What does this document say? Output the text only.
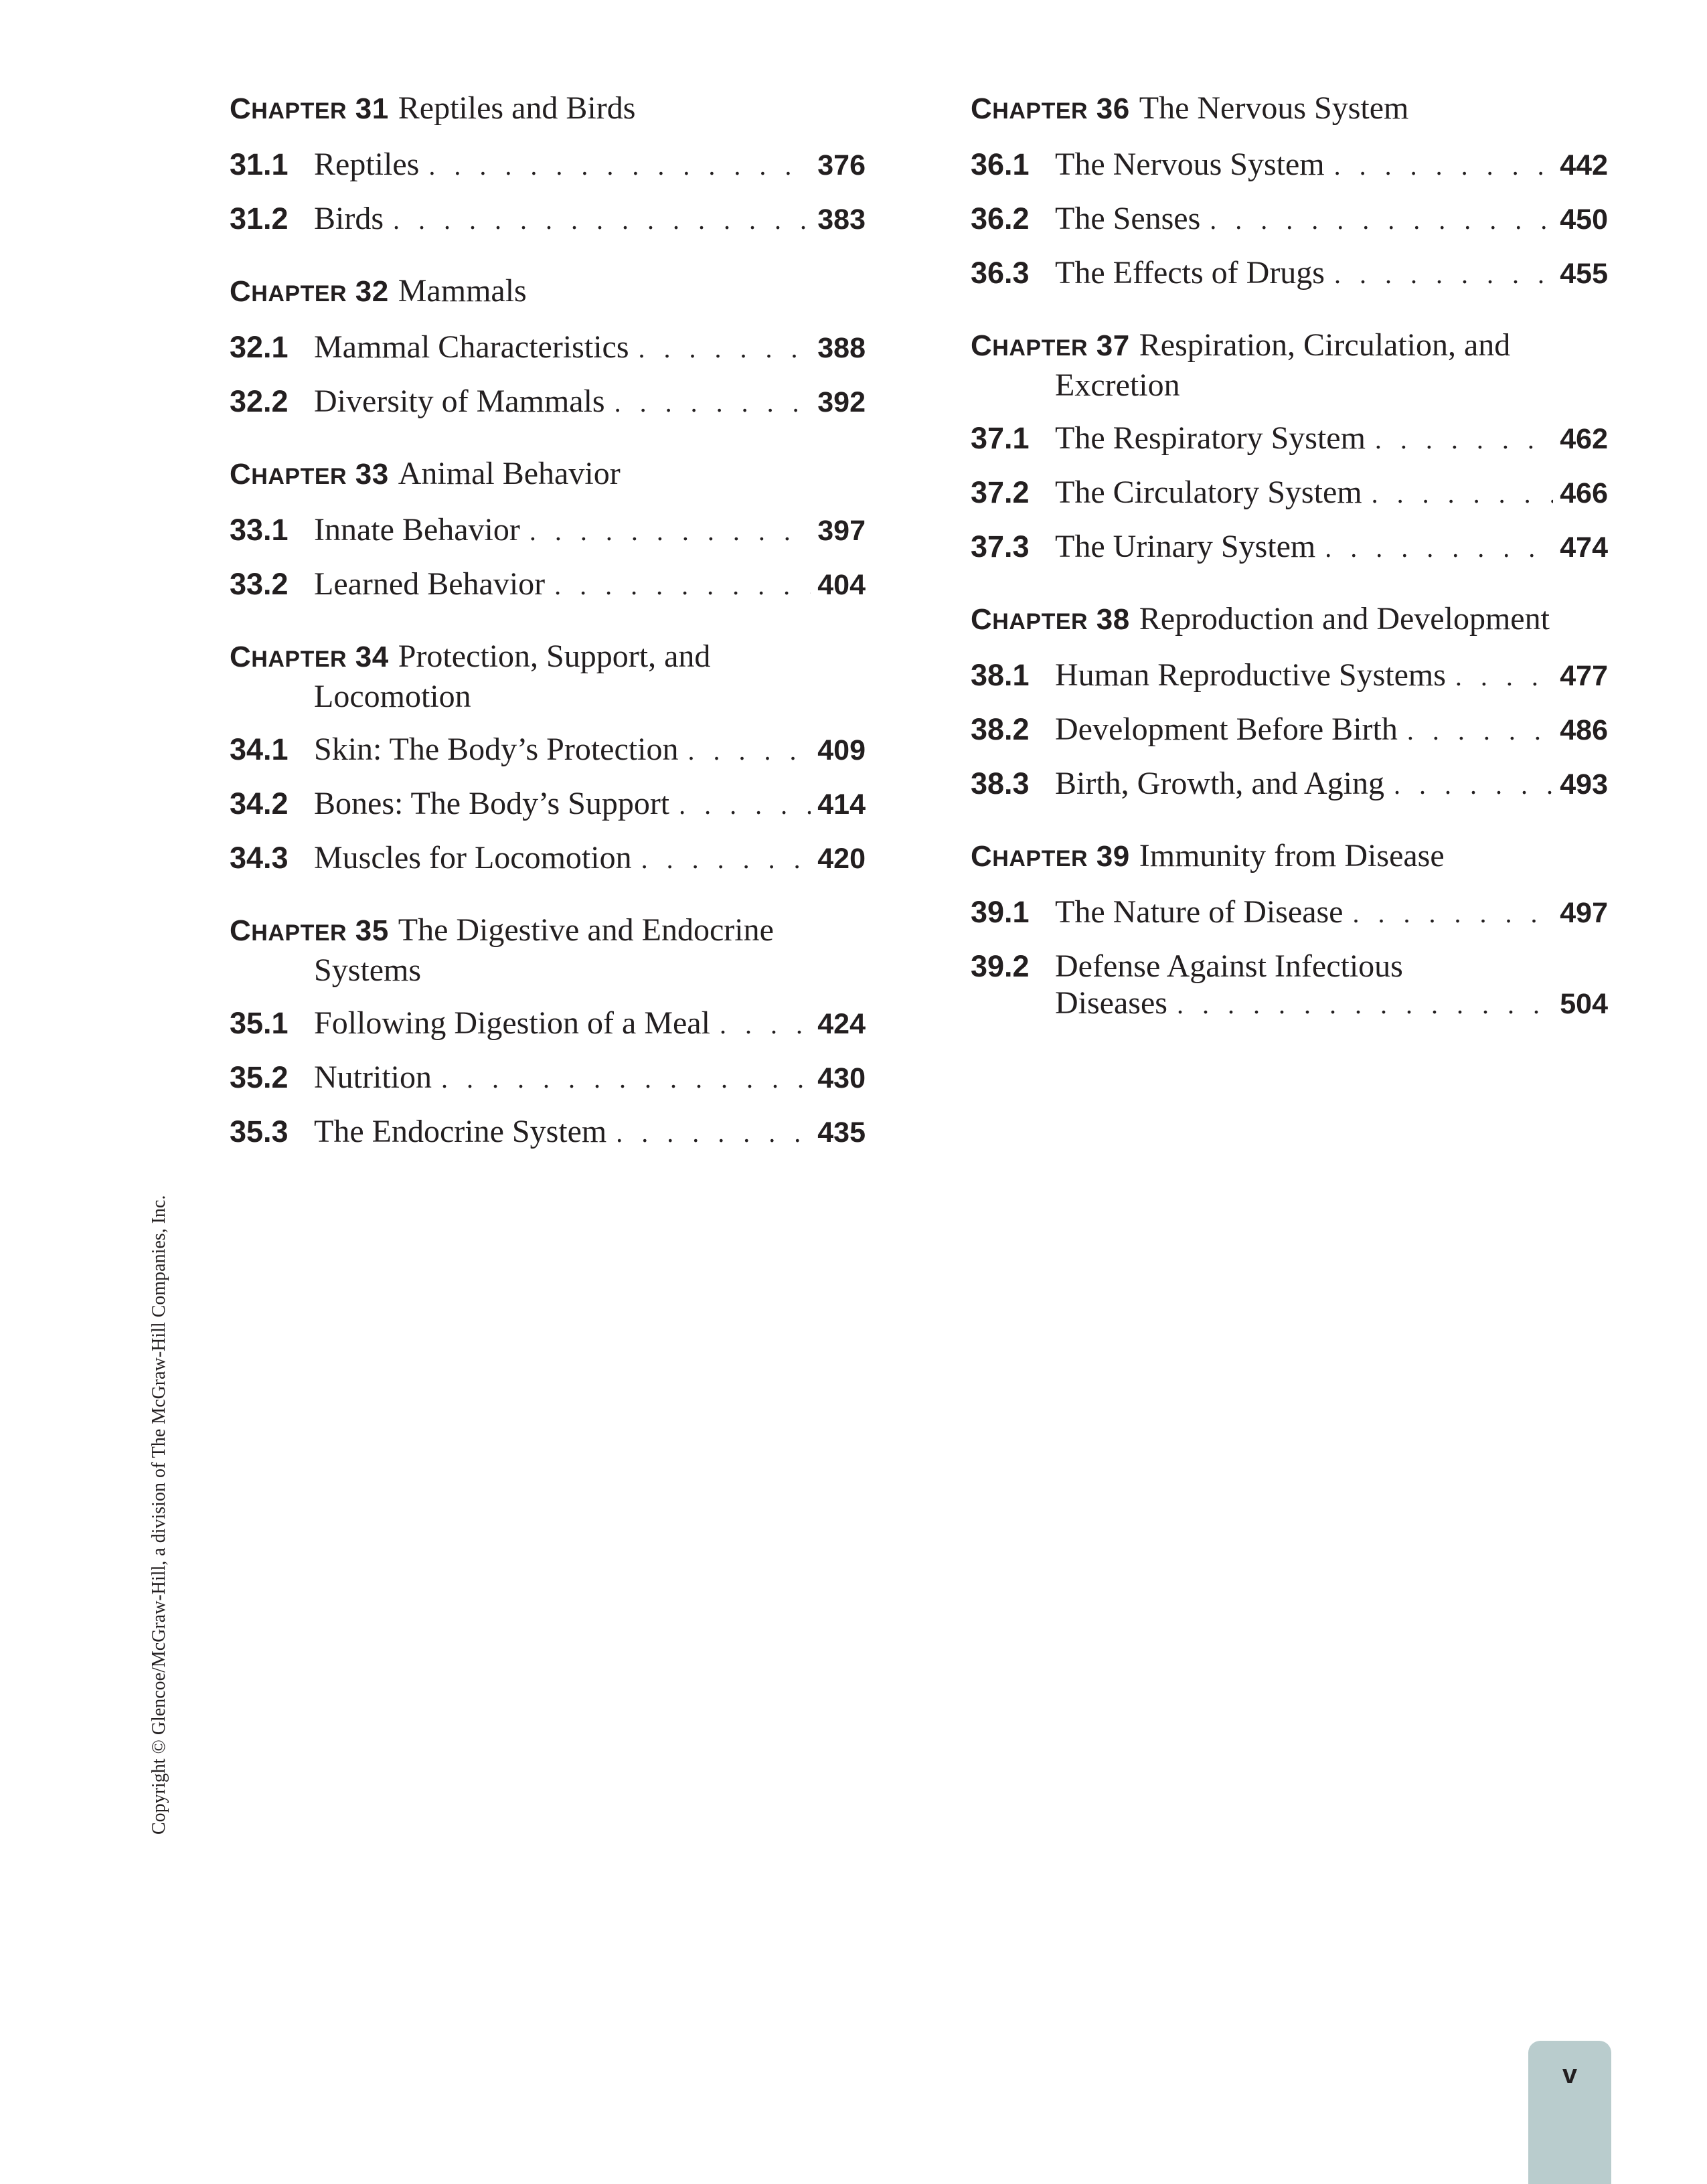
CHAPTER 31 Reptiles and Birds
31.1 Reptiles . . .	376
31.2 Birds . . .	383
CHAPTER 32 Mammals
32.1 Mammal Characteristics . . .	388
32.2 Diversity of Mammals . . .	392
CHAPTER 33 Animal Behavior
33.1 Innate Behavior . . .	397
33.2 Learned Behavior . . .	404
CHAPTER 34 Protection, Support, and Locomotion
34.1 Skin: The Body’s Protection . . .	409
34.2 Bones: The Body’s Support . . .	414
34.3 Muscles for Locomotion . . .	420
CHAPTER 35 The Digestive and Endocrine Systems
35.1 Following Digestion of a Meal . . .	424
35.2 Nutrition . . .	430
35.3 The Endocrine System . . .	435
CHAPTER 36 The Nervous System
36.1 The Nervous System . . .	442
36.2 The Senses . . .	450
36.3 The Effects of Drugs . . .	455
CHAPTER 37 Respiration, Circulation, and Excretion
37.1 The Respiratory System . . .	462
37.2 The Circulatory System . . .	466
37.3 The Urinary System . . .	474
CHAPTER 38 Reproduction and Development
38.1 Human Reproductive Systems . . .	477
38.2 Development Before Birth . . .	486
38.3 Birth, Growth, and Aging . . .	493
CHAPTER 39 Immunity from Disease
39.1 The Nature of Disease . . .	497
39.2 Defense Against Infectious
Diseases . . .	504
Copyright © Glencoe/McGraw-Hill, a division of The McGraw-Hill Companies, Inc.
v
